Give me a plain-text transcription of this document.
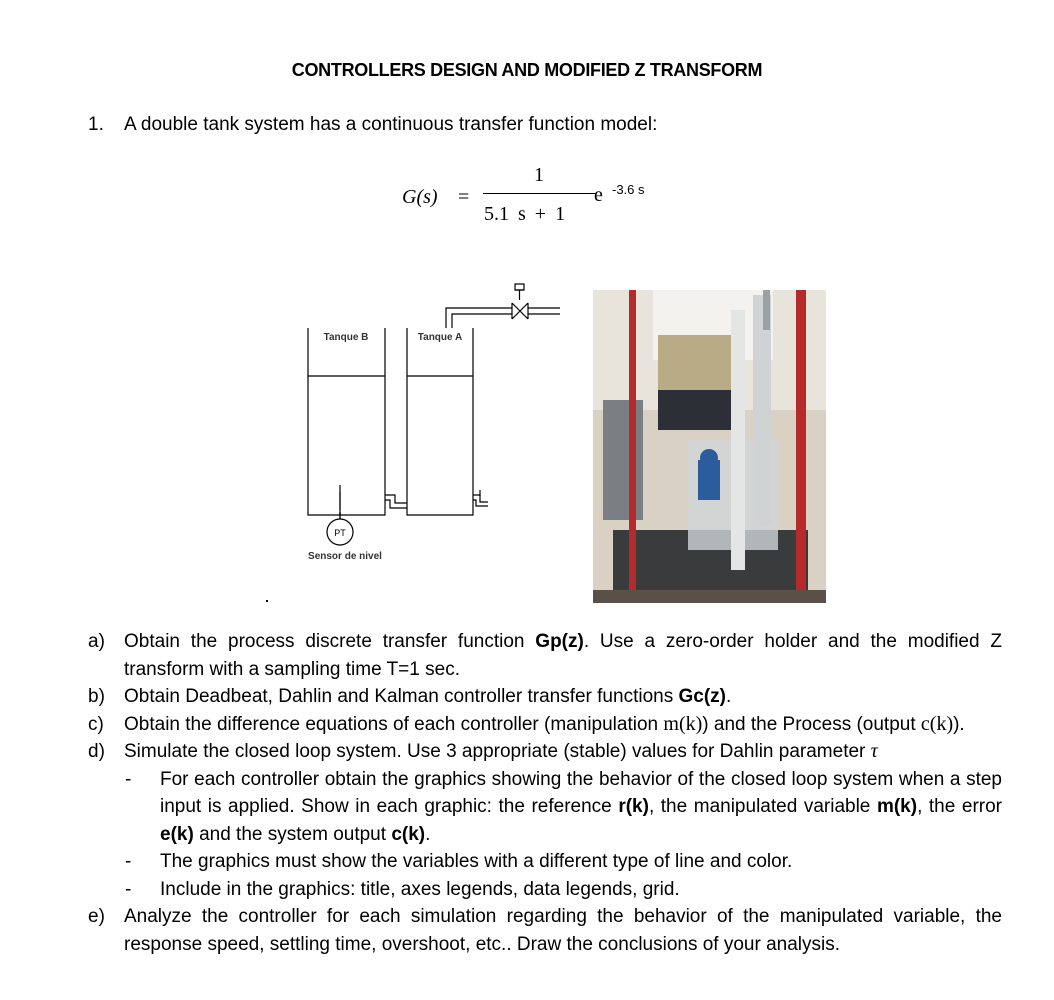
CONTROLLERS DESIGN AND MODIFIED Z TRANSFORM
1. A double tank system has a continuous transfer function model:
G(s) =
1
5.1 s + 1
e -3.6 s
PT
Sensor de nivel
Tanque B	Tanque A
a)	Obtain the process discrete transfer function Gp(z). Use a zero-order holder and the modified Z transform with a sampling time T=1 sec.
b)	Obtain Deadbeat, Dahlin and Kalman controller transfer functions Gc(z).
c)	Obtain the difference equations of each controller (manipulation m(k)) and the Process (output c(k)).
d)	Simulate the closed loop system. Use 3 appropriate (stable) values for Dahlin parameter τ
-	For each controller obtain the graphics showing the behavior of the closed loop system when a step input is applied. Show in each graphic: the reference r(k), the manipulated variable m(k), the error e(k) and the system output c(k).
-	The graphics must show the variables with a different type of line and color.
-	Include in the graphics: title, axes legends, data legends, grid.
e)	Analyze the controller for each simulation regarding the behavior of the manipulated variable, the response speed, settling time, overshoot, etc.. Draw the conclusions of your analysis.
